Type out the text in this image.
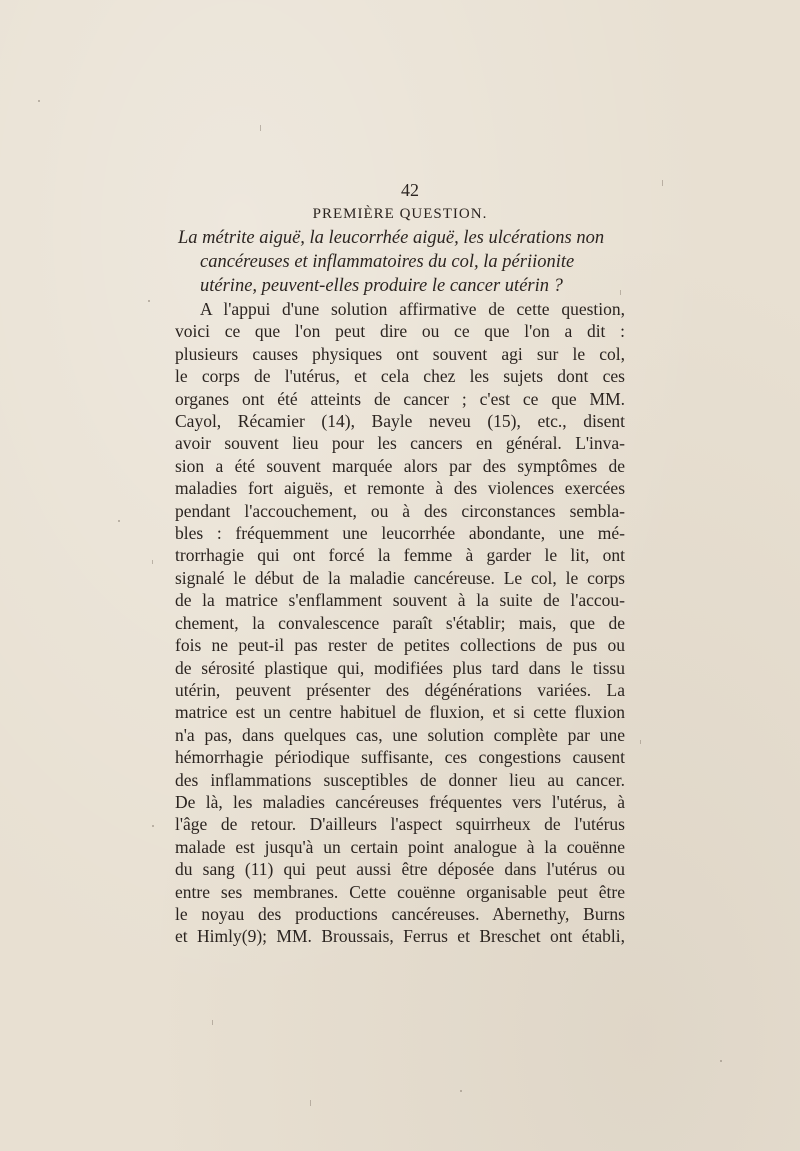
42
PREMIÈRE QUESTION.
La métrite aiguë, la leucorrhée aiguë, les ulcérations non
cancéreuses et inflammatoires du col, la périionite
utérine, peuvent-elles produire le cancer utérin ?
A l'appui d'une solution affirmative de cette question,
voici ce que l'on peut dire ou ce que l'on a dit :
plusieurs causes physiques ont souvent agi sur le col,
le corps de l'utérus, et cela chez les sujets dont ces
organes ont été atteints de cancer ; c'est ce que MM.
Cayol, Récamier (14), Bayle neveu (15), etc., disent
avoir souvent lieu pour les cancers en général. L'inva-
sion a été souvent marquée alors par des symptômes de
maladies fort aiguës, et remonte à des violences exercées
pendant l'accouchement, ou à des circonstances sembla-
bles : fréquemment une leucorrhée abondante, une mé-
trorrhagie qui ont forcé la femme à garder le lit, ont
signalé le début de la maladie cancéreuse. Le col, le corps
de la matrice s'enflamment souvent à la suite de l'accou-
chement, la convalescence paraît s'établir; mais, que de
fois ne peut-il pas rester de petites collections de pus ou
de sérosité plastique qui, modifiées plus tard dans le tissu
utérin, peuvent présenter des dégénérations variées. La
matrice est un centre habituel de fluxion, et si cette fluxion
n'a pas, dans quelques cas, une solution complète par une
hémorrhagie périodique suffisante, ces congestions causent
des inflammations susceptibles de donner lieu au cancer.
De là, les maladies cancéreuses fréquentes vers l'utérus, à
l'âge de retour. D'ailleurs l'aspect squirrheux de l'utérus
malade est jusqu'à un certain point analogue à la couënne
du sang (11) qui peut aussi être déposée dans l'utérus ou
entre ses membranes. Cette couënne organisable peut être
le noyau des productions cancéreuses. Abernethy, Burns
et Himly(9); MM. Broussais, Ferrus et Breschet ont établi,
